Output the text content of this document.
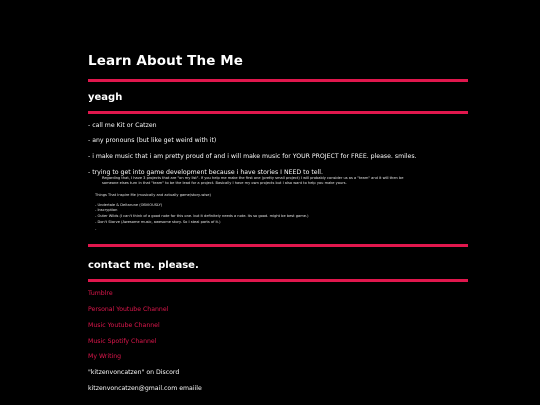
Learn About The Me
yeagh
- call me Kit or Catzen
- any pronouns (but like get weird with it)
- i make music that i am pretty proud of and i will make music for YOUR PROJECT for FREE. please. smiles.
- trying to get into game development because i have stories I NEED to tell.
Regarding that, I have 3 projects that are "on my list". If you help me make the first one (pretty small project) I will probably consider us as a "team" and it will then be
someone elses turn in that "team" to be the lead for a project. Basically I have my own projects but I also want to help you make yours.
Things That Inspire Me (musically and actually game/story-wise)
- Undertale & Deltarune (OBVIOUSLY)
- Inscryption
- Outer Wilds (I can't think of a good note for this one. but it definitely needs a note. its so good. might be best game.)
- Don't Starve (Awesome music, awesome story. So I steal parts of it.)
-
contact me. please.
Tumblre
Personal Youtube Channel
Music Youtube Channel
Music Spotify Channel
My Writing
"kitzenvoncatzen" on Discord
kitzenvoncatzen@gmail.com emaiile
